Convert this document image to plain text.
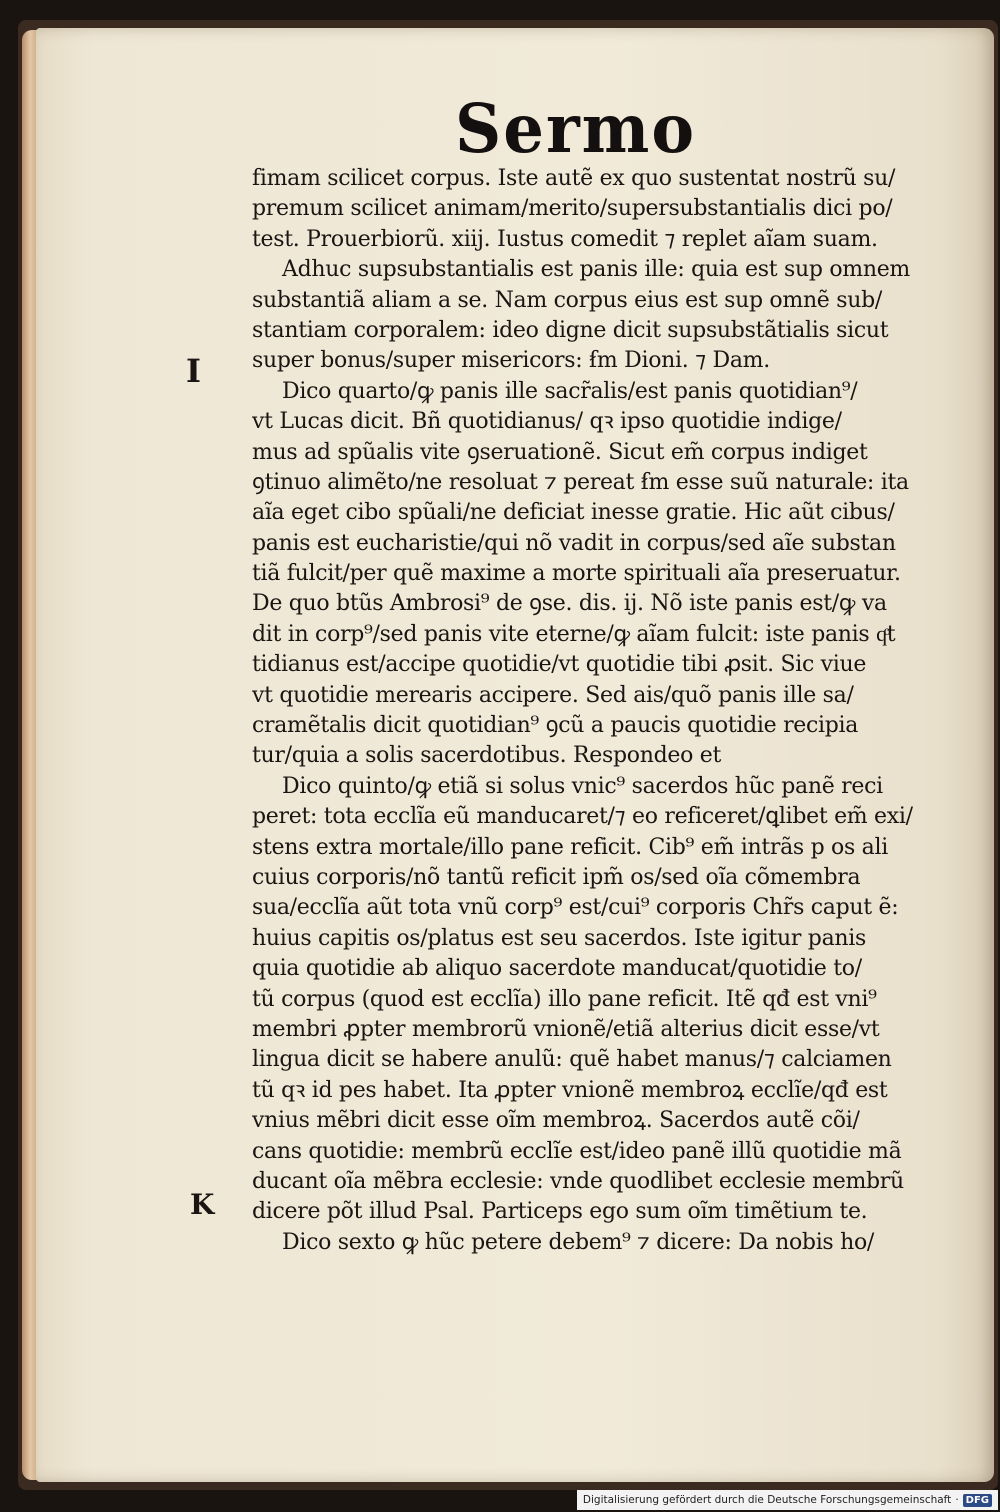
Sermo
I
K
fimam scilicet corpus. Iste autẽ ex quo sustentat nostrũ su/
premum scilicet animam/merito/supersubstantialis dici po/
test. Prouerbiorũ. xiij. Iustus comedit ⁊ replet aĩam suam.
Adhuc supsubstantialis est panis ille: quia est sup omnem
substantiã aliam a se. Nam corpus eius est sup omnẽ sub/
stantiam corporalem: ideo digne dicit supsubstãtialis sicut
super bonus/super misericors: ẜm Dioni. ⁊ Dam.
Dico quarto/ꝙ panis ille sacr̃alis/est panis quotidian⁹/
vt Lucas dicit. Bñ quotidianus/ qꝛ ipso quotidie indige/
mus ad spũalis vite ꝯseruationẽ. Sicut em̃ corpus indiget
ꝯtinuo alimẽto/ne resoluat ⁊ pereat ẜm esse suũ naturale: ita
aĩa eget cibo spũali/ne deficiat inesse gratie. Hic aũt cibus/
panis est eucharistie/qui nõ vadit in corpus/sed aĩe substan
tiã fulcit/per quẽ maxime a morte spirituali aĩa preseruatur.
De quo btũs Ambrosi⁹ de ꝯse. dis. ij. Nõ iste panis est/ꝙ va
dit in corp⁹/sed panis vite eterne/ꝙ aĩam fulcit: iste panis qͦt
tidianus est/accipe quotidie/vt quotidie tibi ꝓsit. Sic viue
vt quotidie merearis accipere. Sed ais/quõ panis ille sa/
cramẽtalis dicit quotidian⁹ ꝯcũ a paucis quotidie recipia
tur/quia a solis sacerdotibus. Respondeo et
Dico quinto/ꝙ etiã si solus vnic⁹ sacerdos hũc panẽ reci
peret: tota ecclĩa eũ manducaret/⁊ eo reficeret/ꝗlibet em̃ exi/
stens extra mortale/illo pane reficit. Cib⁹ em̃ intrãs p os ali
cuius corporis/nõ tantũ reficit ipm̃ os/sed oĩa cõmembra
sua/ecclĩa aũt tota vnũ corp⁹ est/cui⁹ corporis Chr̃s caput ẽ:
huius capitis os/platus est seu sacerdos. Iste igitur panis
quia quotidie ab aliquo sacerdote manducat/quotidie to/
tũ corpus (quod est ecclĩa) illo pane reficit. Itẽ qđ est vni⁹
membri ꝓpter membrorũ vnionẽ/etiã alterius dicit esse/vt
lingua dicit se habere anulũ: quẽ habet manus/⁊ calciamen
tũ qꝛ id pes habet. Ita ꝓpter vnionẽ membroꝝ ecclĩe/qđ est
vnius mẽbri dicit esse oĩm membroꝝ. Sacerdos autẽ cõi/
cans quotidie: membrũ ecclĩe est/ideo panẽ illũ quotidie mã
ducant oĩa mẽbra ecclesie: vnde quodlibet ecclesie membrũ
dicere põt illud Psal. Particeps ego sum oĩm timẽtium te.
Dico sexto ꝙ hũc petere debem⁹ ⁊ dicere: Da nobis ho/
Digitalisierung gefördert durch die Deutsche Forschungsgemeinschaft · DFG
